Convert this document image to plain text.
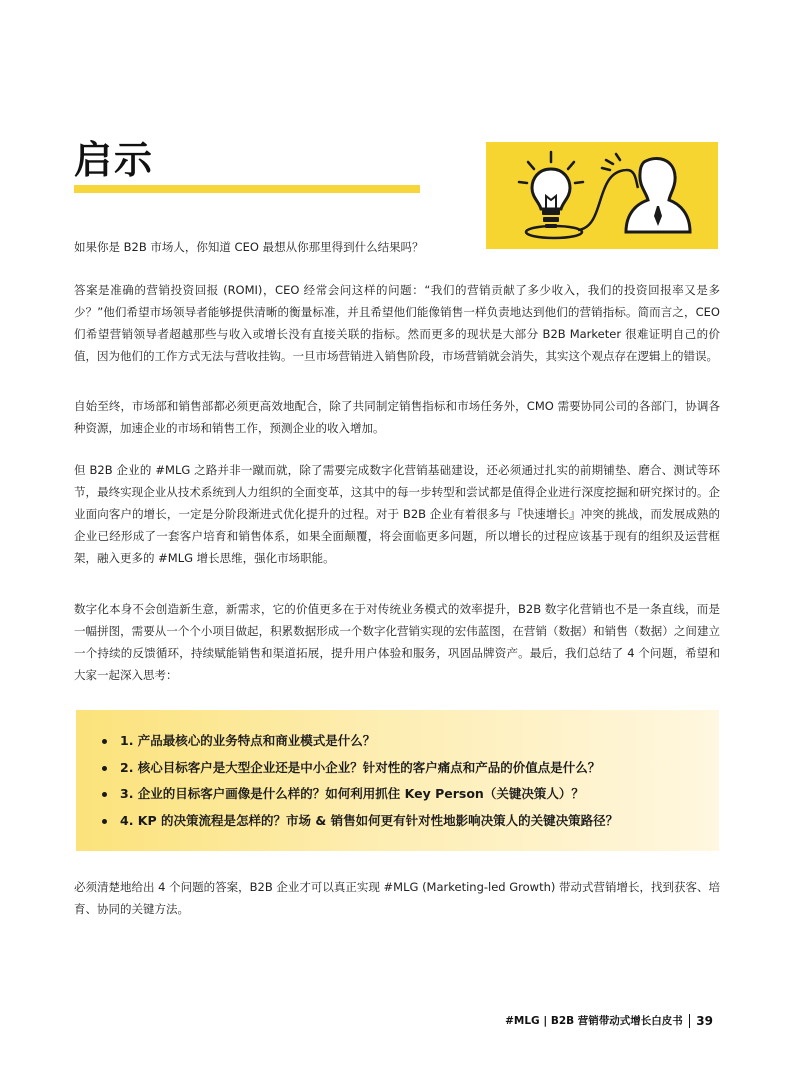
启示

如果你是 B2B 市场人，你知道 CEO 最想从你那里得到什么结果吗？

答案是准确的营销投资回报 (ROMI)，CEO 经常会问这样的问题：“我们的营销贡献了多少收入，我们的投资回报率又是多少？”他们希望市场领导者能够提供清晰的衡量标准，并且希望他们能像销售一样负责地达到他们的营销指标。简而言之，CEO 们希望营销领导者超越那些与收入或增长没有直接关联的指标。然而更多的现状是大部分 B2B Marketer 很难证明自己的价值，因为他们的工作方式无法与营收挂钩。一旦市场营销进入销售阶段，市场营销就会消失，其实这个观点存在逻辑上的错误。

自始至终，市场部和销售部都必须更高效地配合，除了共同制定销售指标和市场任务外，CMO 需要协同公司的各部门，协调各种资源，加速企业的市场和销售工作，预测企业的收入增加。

但 B2B 企业的 #MLG 之路并非一蹴而就，除了需要完成数字化营销基础建设，还必须通过扎实的前期铺垫、磨合、测试等环节，最终实现企业从技术系统到人力组织的全面变革，这其中的每一步转型和尝试都是值得企业进行深度挖掘和研究探讨的。企业面向客户的增长，一定是分阶段渐进式优化提升的过程。对于 B2B 企业有着很多与『快速增长』冲突的挑战，而发展成熟的企业已经形成了一套客户培育和销售体系，如果全面颠覆，将会面临更多问题，所以增长的过程应该基于现有的组织及运营框架，融入更多的 #MLG 增长思维，强化市场职能。

数字化本身不会创造新生意，新需求，它的价值更多在于对传统业务模式的效率提升，B2B 数字化营销也不是一条直线，而是一幅拼图，需要从一个个小项目做起，积累数据形成一个数字化营销实现的宏伟蓝图，在营销（数据）和销售（数据）之间建立一个持续的反馈循环，持续赋能销售和渠道拓展，提升用户体验和服务，巩固品牌资产。最后，我们总结了 4 个问题，希望和大家一起深入思考：

1. 产品最核心的业务特点和商业模式是什么？
2. 核心目标客户是大型企业还是中小企业？针对性的客户痛点和产品的价值点是什么？
3. 企业的目标客户画像是什么样的？如何利用抓住 Key Person（关键决策人）？
4. KP 的决策流程是怎样的？市场 & 销售如何更有针对性地影响决策人的关键决策路径？

必须清楚地给出 4 个问题的答案，B2B 企业才可以真正实现 #MLG (Marketing-led Growth) 带动式营销增长，找到获客、培育、协同的关键方法。

#MLG | B2B 营销带动式增长白皮书 39
